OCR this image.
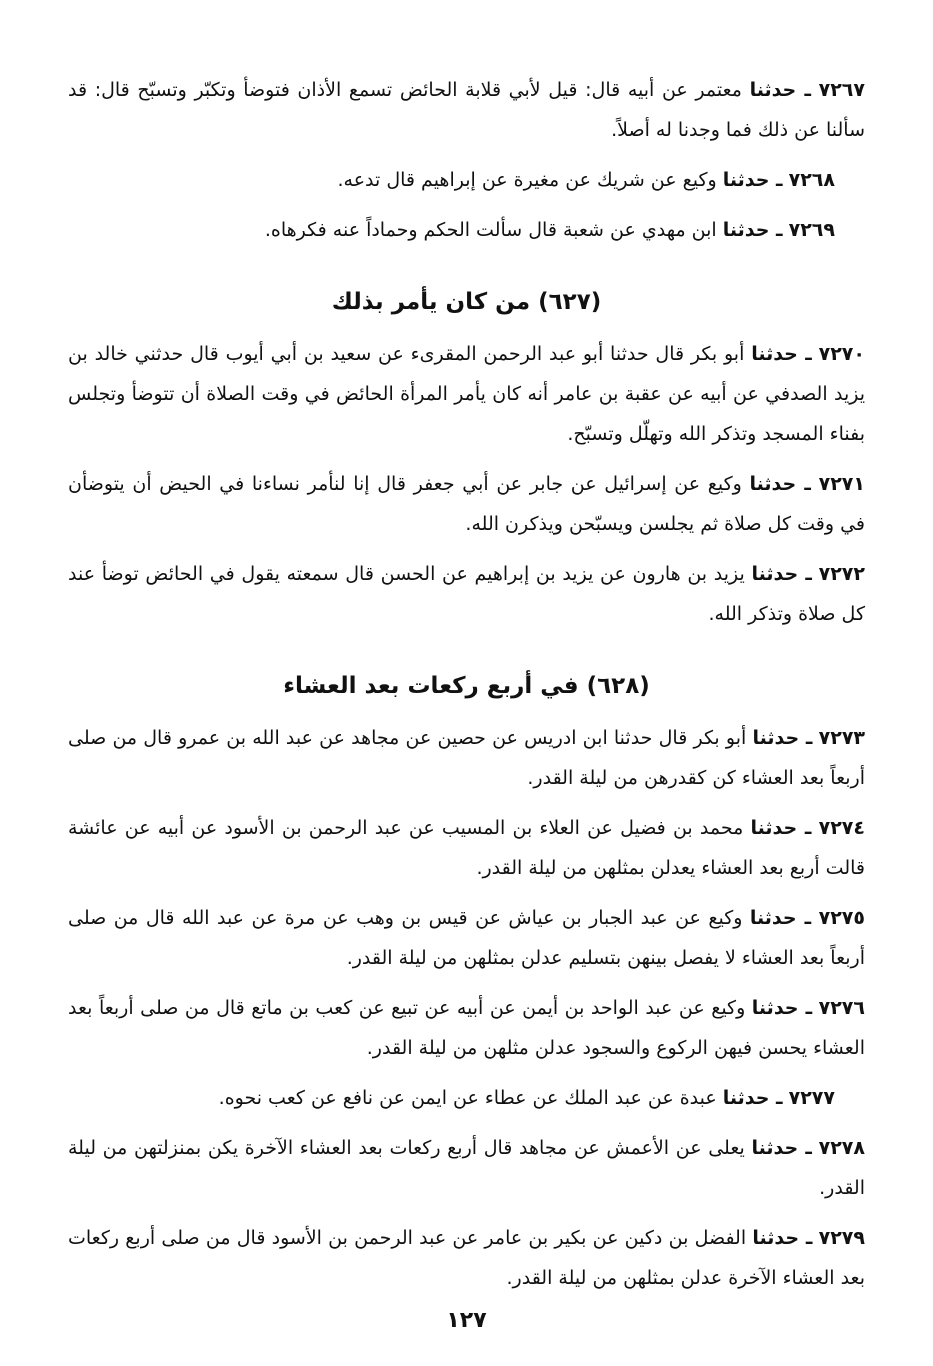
٧٢٦٧ ـ حدثنا معتمر عن أبيه قال: قيل لأبي قلابة الحائض تسمع الأذان فتوضأ وتكبّر وتسبّح قال: قد سألنا عن ذلك فما وجدنا له أصلاً.

٧٢٦٨ ـ حدثنا وكيع عن شريك عن مغيرة عن إبراهيم قال تدعه.

٧٢٦٩ ـ حدثنا ابن مهدي عن شعبة قال سألت الحكم وحماداً عنه فكرهاه.

(٦٢٧) من كان يأمر بذلك

٧٢٧٠ ـ حدثنا أبو بكر قال حدثنا أبو عبد الرحمن المقرىء عن سعيد بن أبي أيوب قال حدثني خالد بن يزيد الصدفي عن أبيه عن عقبة بن عامر أنه كان يأمر المرأة الحائض في وقت الصلاة أن تتوضأ وتجلس بفناء المسجد وتذكر الله وتهلّل وتسبّح.

٧٢٧١ ـ حدثنا وكيع عن إسرائيل عن جابر عن أبي جعفر قال إنا لنأمر نساءنا في الحيض أن يتوضأن في وقت كل صلاة ثم يجلسن ويسبّحن ويذكرن الله.

٧٢٧٢ ـ حدثنا يزيد بن هارون عن يزيد بن إبراهيم عن الحسن قال سمعته يقول في الحائض توضأ عند كل صلاة وتذكر الله.

(٦٢٨) في أربع ركعات بعد العشاء

٧٢٧٣ ـ حدثنا أبو بكر قال حدثنا ابن ادريس عن حصين عن مجاهد عن عبد الله بن عمرو قال من صلى أربعاً بعد العشاء كن كقدرهن من ليلة القدر.

٧٢٧٤ ـ حدثنا محمد بن فضيل عن العلاء بن المسيب عن عبد الرحمن بن الأسود عن أبيه عن عائشة قالت أربع بعد العشاء يعدلن بمثلهن من ليلة القدر.

٧٢٧٥ ـ حدثنا وكيع عن عبد الجبار بن عياش عن قيس بن وهب عن مرة عن عبد الله قال من صلى أربعاً بعد العشاء لا يفصل بينهن بتسليم عدلن بمثلهن من ليلة القدر.

٧٢٧٦ ـ حدثنا وكيع عن عبد الواحد بن أيمن عن أبيه عن تبيع عن كعب بن ماتع قال من صلى أربعاً بعد العشاء يحسن فيهن الركوع والسجود عدلن مثلهن من ليلة القدر.

٧٢٧٧ ـ حدثنا عبدة عن عبد الملك عن عطاء عن ايمن عن نافع عن كعب نحوه.

٧٢٧٨ ـ حدثنا يعلى عن الأعمش عن مجاهد قال أربع ركعات بعد العشاء الآخرة يكن بمنزلتهن من ليلة القدر.

٧٢٧٩ ـ حدثنا الفضل بن دكين عن بكير بن عامر عن عبد الرحمن بن الأسود قال من صلى أربع ركعات بعد العشاء الآخرة عدلن بمثلهن من ليلة القدر.

١٢٧
